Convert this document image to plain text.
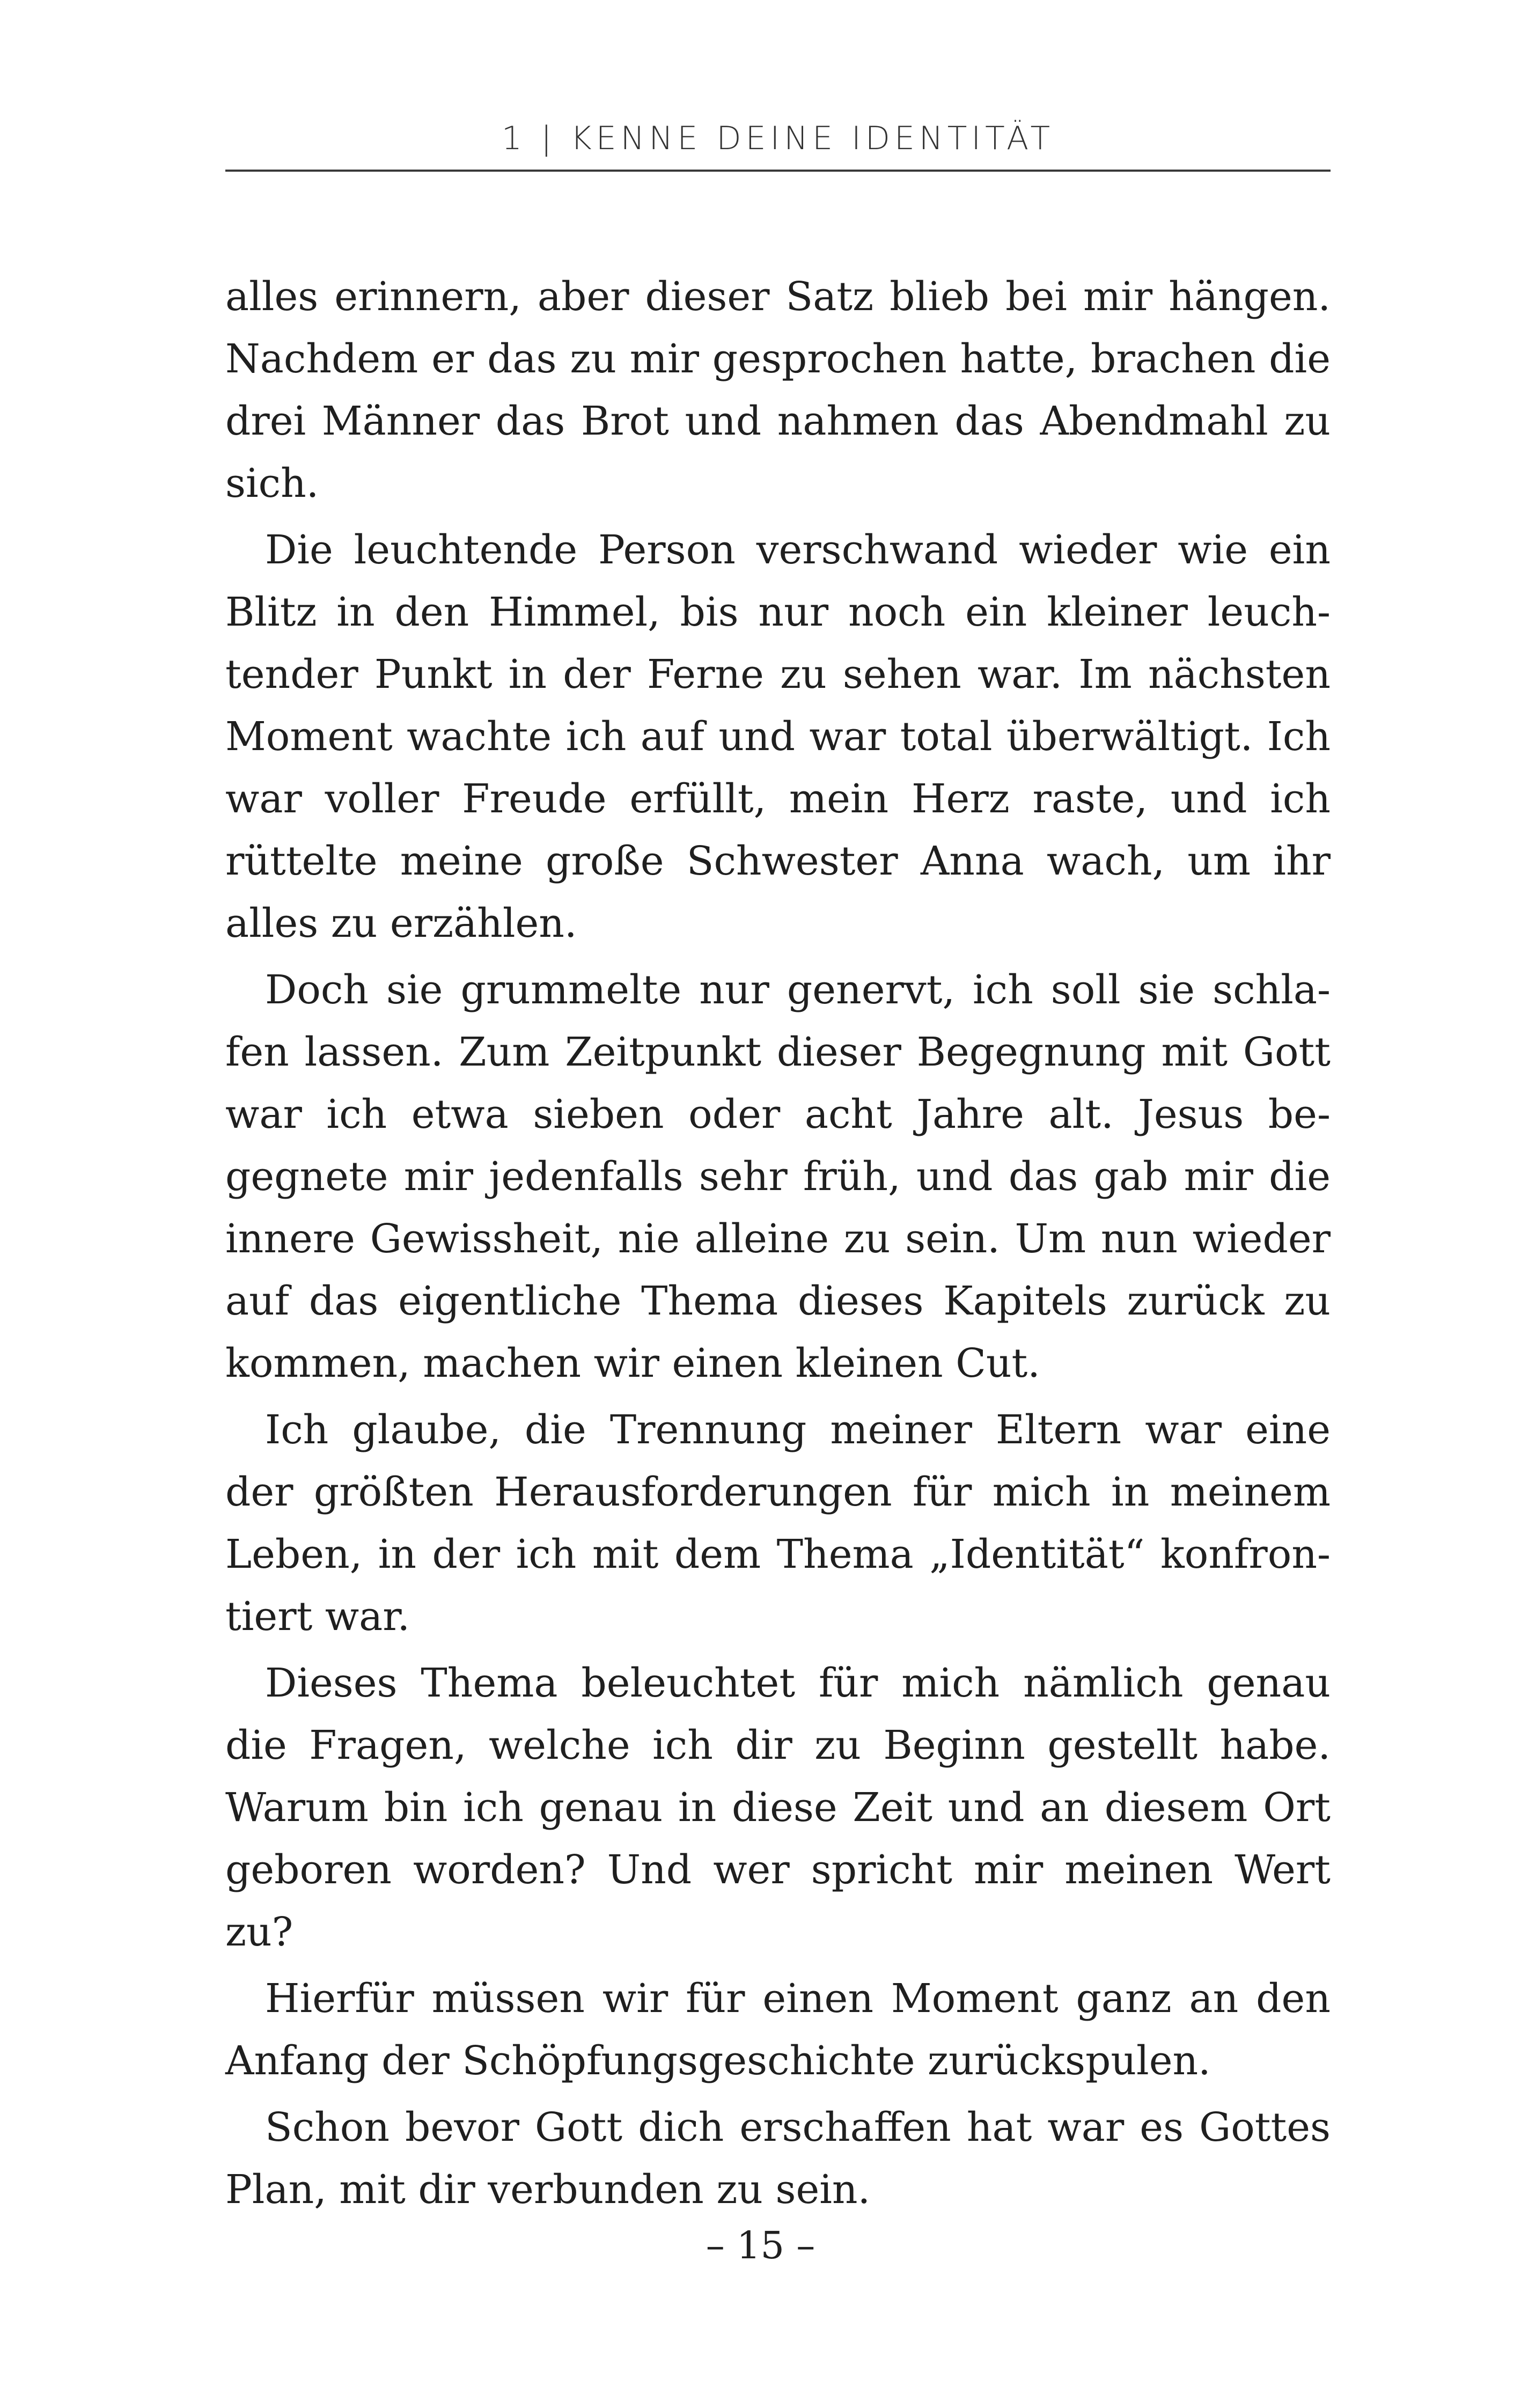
1 | KENNE DEINE IDENTITÄT

alles erinnern, aber dieser Satz blieb bei mir hängen. Nachdem er das zu mir gesprochen hatte, brachen die drei Männer das Brot und nahmen das Abendmahl zu sich.

Die leuchtende Person verschwand wieder wie ein Blitz in den Himmel, bis nur noch ein kleiner leuchtender Punkt in der Ferne zu sehen war. Im nächsten Moment wachte ich auf und war total überwältigt. Ich war voller Freude erfüllt, mein Herz raste, und ich rüttelte meine große Schwester Anna wach, um ihr alles zu erzählen.

Doch sie grummelte nur genervt, ich soll sie schlafen lassen. Zum Zeitpunkt dieser Begegnung mit Gott war ich etwa sieben oder acht Jahre alt. Jesus begegnete mir jedenfalls sehr früh, und das gab mir die innere Gewissheit, nie alleine zu sein. Um nun wieder auf das eigentliche Thema dieses Kapitels zurück zu kommen, machen wir einen kleinen Cut.

Ich glaube, die Trennung meiner Eltern war eine der größten Herausforderungen für mich in meinem Leben, in der ich mit dem Thema „Identität“ konfrontiert war.

Dieses Thema beleuchtet für mich nämlich genau die Fragen, welche ich dir zu Beginn gestellt habe. Warum bin ich genau in diese Zeit und an diesem Ort geboren worden? Und wer spricht mir meinen Wert zu?

Hierfür müssen wir für einen Moment ganz an den Anfang der Schöpfungsgeschichte zurückspulen.

Schon bevor Gott dich erschaffen hat war es Gottes Plan, mit dir verbunden zu sein.

– 15 –
